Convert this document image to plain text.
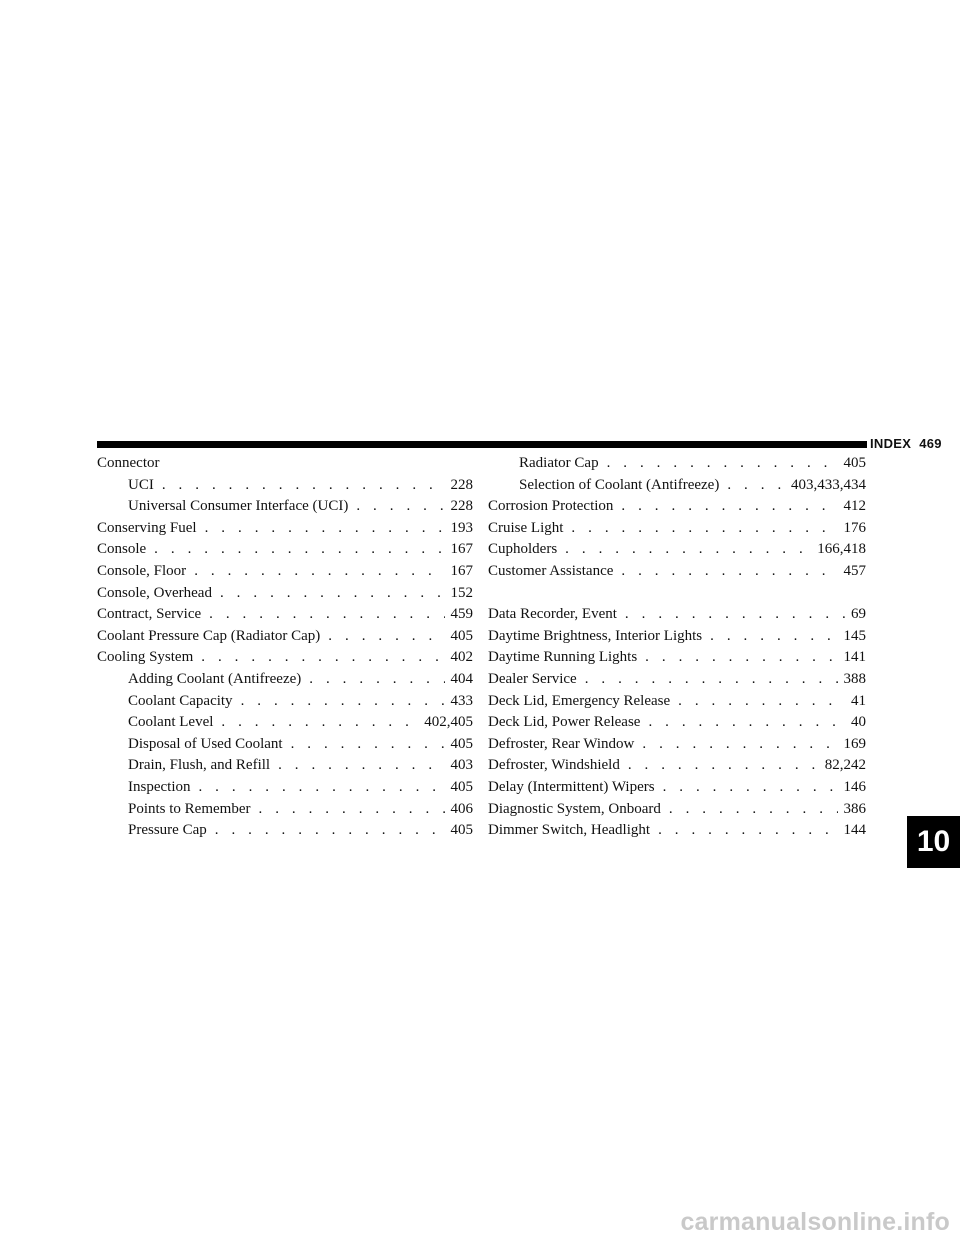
INDEX 469
Connector
UCI . . .	228
Universal Consumer Interface (UCI) . . .	228
Conserving Fuel . . .	193
Console . . .	167
Console, Floor . . .	167
Console, Overhead . . .	152
Contract, Service . . .	459
Coolant Pressure Cap (Radiator Cap) . . .	405
Cooling System . . .	402
Adding Coolant (Antifreeze) . . .	404
Coolant Capacity . . .	433
Coolant Level . . .	402,405
Disposal of Used Coolant . . .	405
Drain, Flush, and Refill . . .	403
Inspection . . .	405
Points to Remember . . .	406
Pressure Cap . . .	405
Radiator Cap . . .	405
Selection of Coolant (Antifreeze) . . .	403,433,434
Corrosion Protection . . .	412
Cruise Light . . .	176
Cupholders . . .	166,418
Customer Assistance . . .	457
Data Recorder, Event . . .	69
Daytime Brightness, Interior Lights . . .	145
Daytime Running Lights . . .	141
Dealer Service . . .	388
Deck Lid, Emergency Release . . .	41
Deck Lid, Power Release . . .	40
Defroster, Rear Window . . .	169
Defroster, Windshield . . .	82,242
Delay (Intermittent) Wipers . . .	146
Diagnostic System, Onboard . . .	386
Dimmer Switch, Headlight . . .	144	10
carmanualsonline.info
